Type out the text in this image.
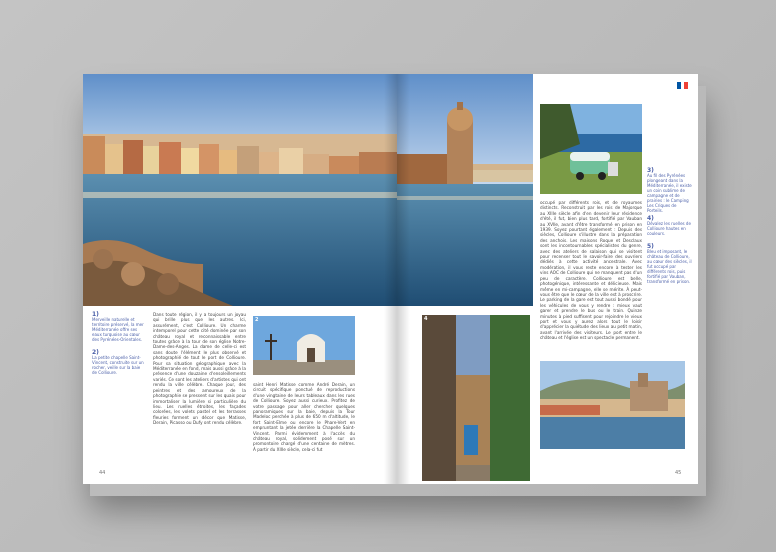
1)
Merveille naturelle et territoire préservé, la mer Méditerranée offre ses eaux turquoise au cœur des Pyrénées-Orientales.
2)
La petite chapelle Saint-Vincent, construite sur un rocher, veille sur la baie de Collioure.
Dans toute région, il y a toujours un joyau qui brille plus que les autres. Ici, assurément, c'est Collioure. Un charme intemporel pour cette cité dominée par son château royal et reconnaissable entre toutes grâce à la tour de son église Notre-Dame-des-Anges. La dame de celle-ci est sans doute l'élément le plus observé et photographié de tout le port de Collioure. Pour sa situation géographique avec la Méditerranée en fond, mais aussi grâce à la présence d'une douzaine d'ensoleillements variés. Ce sont les ateliers d'artistes qui ont rendu la ville célèbre. Chaque jour, des peintres et des amoureux de la photographie se pressent sur les quais pour immortaliser la lumière si particulière du lieu. Les ruelles étroites, les façades colorées, les volets pastel et les terrasses fleuries forment un décor que Matisse, Derain, Picasso ou Dufy ont rendu célèbre.
2
saint Henri Matisse comme André Derain, un circuit spécifique ponctué de reproductions d'une vingtaine de leurs tableaux dans les rues de Collioure. Soyez aussi curieux. Profitez de votre passage pour aller chercher quelques panoramiques sur la baie, depuis la Tour Madeloc perchée à plus de 650 m d'altitude, le fort Saint-Elme ou encore le Phare-Vert en empruntant la jetée derrière la Chapelle Saint-Vincent. Parmi évidemment à l'accès du château royal, solidement posé sur un promontoire chargé d'une centaine de mètres. À partir du XIIIe siècle, cela-ci fut
44
3)
Au fil des Pyrénées plongeant dans la Méditerranée, il existe un coin sublime de campagne et de prairies : le Camping Les Criques de Porteils.
4)
Dévalez les ruelles de Collioure hautes en couleurs.
5)
Bleu et imposant, le château de Collioure, au cœur des siècles, il fut occupé par différents rois, puis fortifié par Vauban, transformé en prison.
occupé par différents rois, et de royaumes distincts. Reconstruit par les rois de Majorque au XIIIe siècle afin d'en devenir leur résidence d'été, il fut, bien plus tard, fortifié par Vauban au XVIIe, avant d'être transformé en prison en 1939. Soyez pourtant également : Depuis des siècles, Collioure s'illustre dans la préparation des anchois. Les maisons Roque et Desclaux sont les incontournables spécialistes du genre, avec des ateliers de salaison qui se visitent pour recenser tout le savoir-faire des ouvriers dédiés à cette activité ancestrale. Avec modération, il vous reste encore à tester les vins AOC de Collioure qui ne manquent pas d'un peu de caractère. Collioure est belle, photogénique, intéressante et délicieuse. Mais même en mi-campagne, elle se mérite. À peut-vous être que le cœur de la ville est à proscrire. Le parking de la gare est tout aussi bondé pour les véhicules de vous y rendre : mieux vaut garer et prendre le bus ou le train. Quinze minutes à pied suffisent pour rejoindre le vieux port et vous y aurez alors tout le loisir d'apprécier la quiétude des lieux au petit matin, avant l'arrivée des visiteurs. Le port entre le château et l'église est un spectacle permanent.
4
45
